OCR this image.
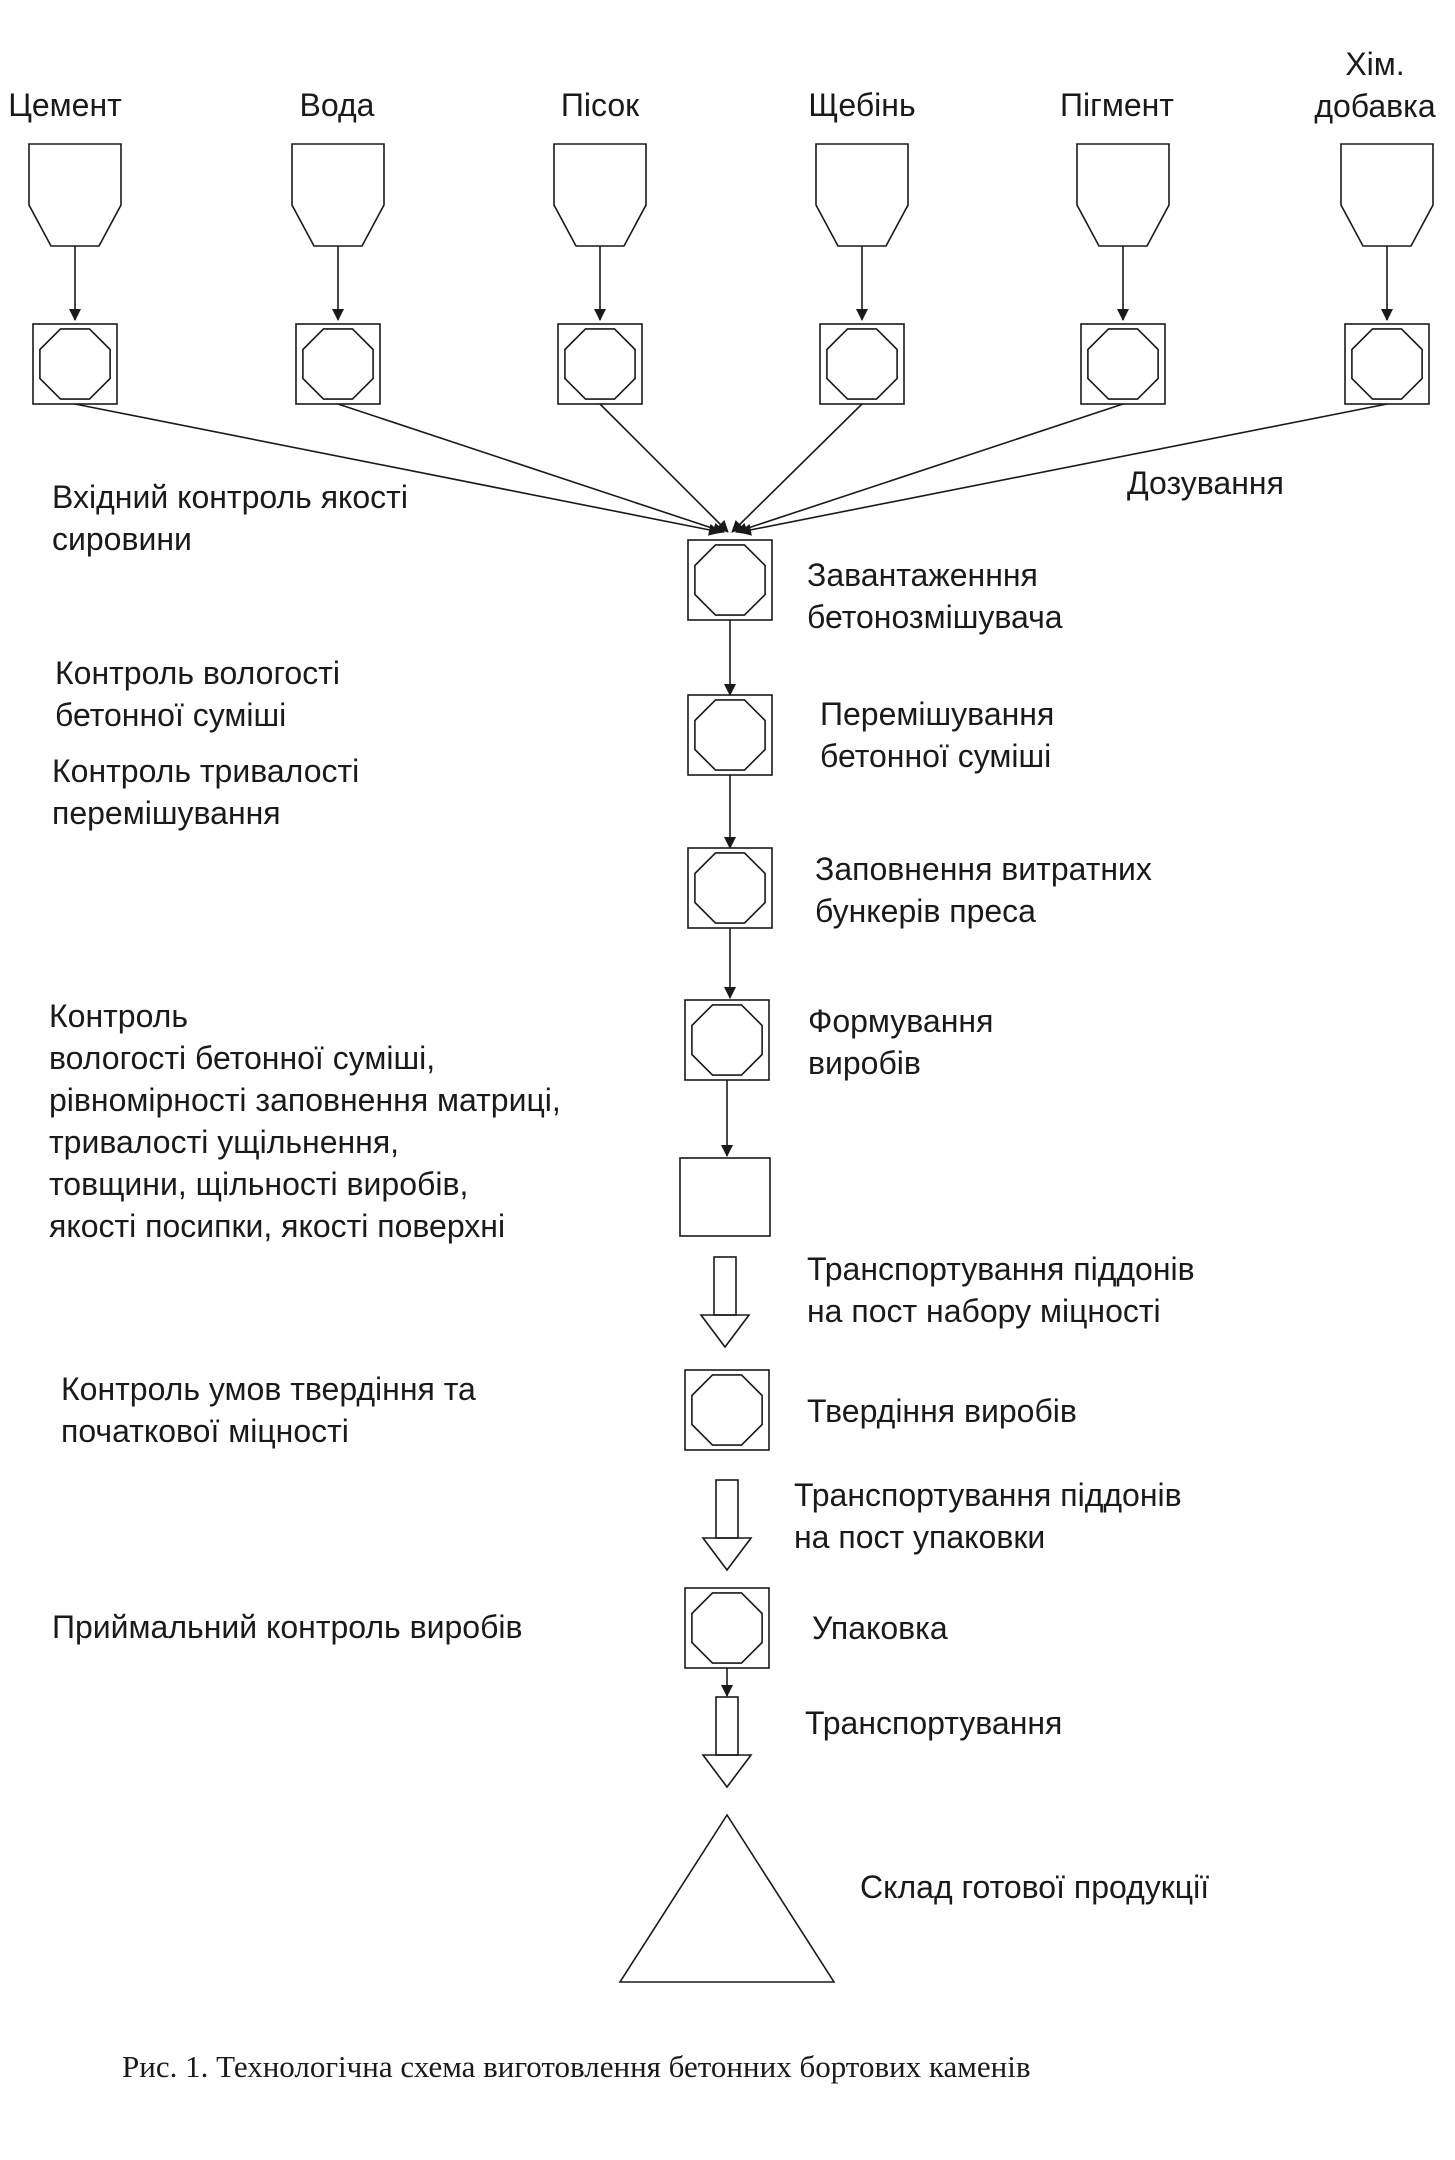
Цемент	Вода	Пісок	Щебінь	Пігмент
Хім.
добавка
Вхідний контроль якості
сировини
Контроль вологості
бетонної суміші
Контроль тривалості
перемішування
Контроль
вологості бетонної суміші,
рівномірності заповнення матриці,
тривалості ущільнення,
товщини, щільності виробів,
якості посипки, якості поверхні
Контроль умов твердіння та
початкової міцності
Приймальний контроль виробів
Дозування
Завантаженння
бетонозмішувача
Перемішування
бетонної суміші
Заповнення витратних
бункерів преса
Формування
виробів
Транспортування піддонів
на пост набору міцності
Твердіння виробів
Транспортування піддонів
на пост упаковки
Упаковка
Транспортування
Склад готової продукції
Рис. 1. Технологічна схема виготовлення бетонних бортових каменів
